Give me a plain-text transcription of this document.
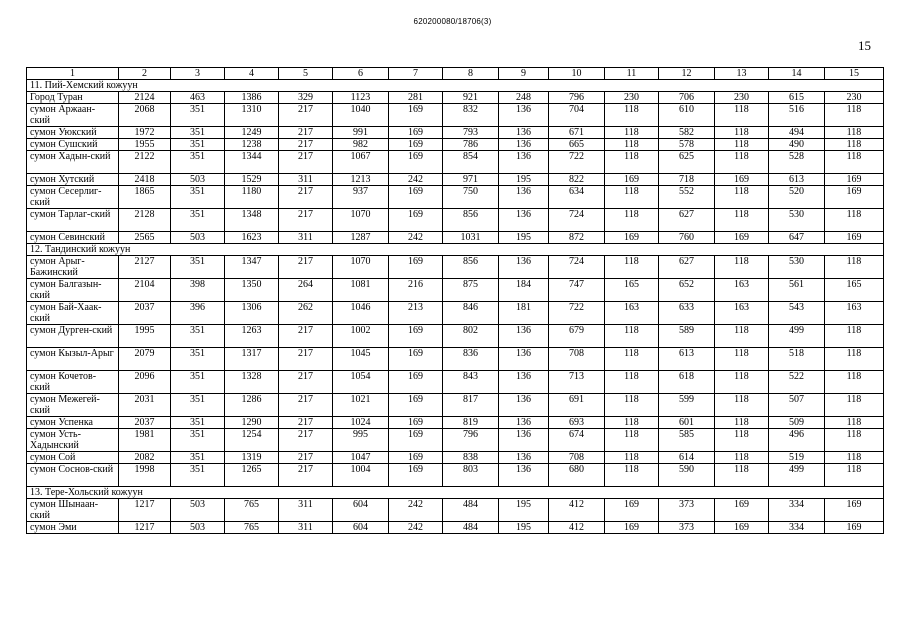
620200080/18706(3)
15
1	2	3	4	5	6	7	8	9	10	11	12	13	14	15
11. Пий-Хемский кожуун														
Город Туран	2124	463	1386	329	1123	281	921	248	796	230	706	230	615	230
сумон Аржаан-ский	2068	351	1310	217	1040	169	832	136	704	118	610	118	516	118
сумон Уюкский	1972	351	1249	217	991	169	793	136	671	118	582	118	494	118
сумон Сушский	1955	351	1238	217	982	169	786	136	665	118	578	118	490	118
сумон Хадын-ский	2122	351	1344	217	1067	169	854	136	722	118	625	118	528	118
сумон Хутский	2418	503	1529	311	1213	242	971	195	822	169	718	169	613	169
сумон Сесерлиг-ский	1865	351	1180	217	937	169	750	136	634	118	552	118	520	169
сумон Тарлаг-ский	2128	351	1348	217	1070	169	856	136	724	118	627	118	530	118
сумон Севинский	2565	503	1623	311	1287	242	1031	195	872	169	760	169	647	169
12. Тандинский кожуун														
сумон Арыг-Бажинский	2127	351	1347	217	1070	169	856	136	724	118	627	118	530	118
сумон Балгазын-ский	2104	398	1350	264	1081	216	875	184	747	165	652	163	561	165
сумон Бай-Хаак-ский	2037	396	1306	262	1046	213	846	181	722	163	633	163	543	163
сумон Дурген-ский	1995	351	1263	217	1002	169	802	136	679	118	589	118	499	118
сумон Кызыл-Арыг	2079	351	1317	217	1045	169	836	136	708	118	613	118	518	118
сумон Кочетов-ский	2096	351	1328	217	1054	169	843	136	713	118	618	118	522	118
сумон Межегей-ский	2031	351	1286	217	1021	169	817	136	691	118	599	118	507	118
сумон Успенка	2037	351	1290	217	1024	169	819	136	693	118	601	118	509	118
сумон Усть-Хадынский	1981	351	1254	217	995	169	796	136	674	118	585	118	496	118
сумон Сой	2082	351	1319	217	1047	169	838	136	708	118	614	118	519	118
сумон Соснов-ский	1998	351	1265	217	1004	169	803	136	680	118	590	118	499	118
13. Тере-Хольский кожуун														
сумон Шынаан-ский	1217	503	765	311	604	242	484	195	412	169	373	169	334	169
сумон Эми	1217	503	765	311	604	242	484	195	412	169	373	169	334	169
